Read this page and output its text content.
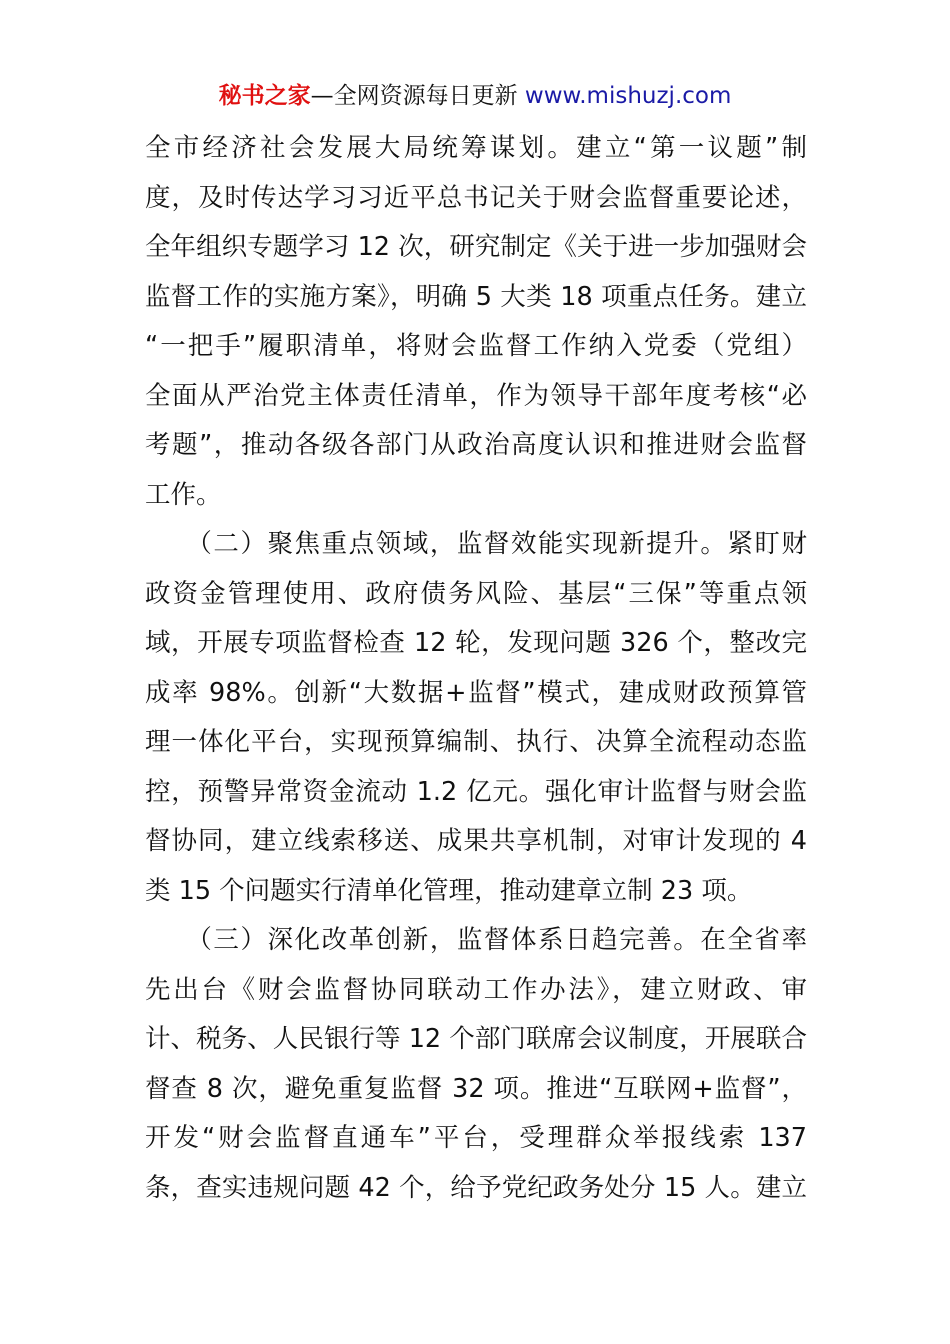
秘书之家—全网资源每日更新 www.mishuzj.com
全市经济社会发展大局统筹谋划。建立“第一议题”制
度，及时传达学习习近平总书记关于财会监督重要论述，
全年组织专题学习 12 次，研究制定《关于进一步加强财会
监督工作的实施方案》，明确 5 大类 18 项重点任务。建立
“一把手”履职清单，将财会监督工作纳入党委（党组）
全面从严治党主体责任清单，作为领导干部年度考核“必
考题”，推动各级各部门从政治高度认识和推进财会监督
工作。
　　（二）聚焦重点领域，监督效能实现新提升。紧盯财
政资金管理使用、政府债务风险、基层“三保”等重点领
域，开展专项监督检查 12 轮，发现问题 326 个，整改完
成率 98%。创新“大数据+监督”模式，建成财政预算管
理一体化平台，实现预算编制、执行、决算全流程动态监
控，预警异常资金流动 1.2 亿元。强化审计监督与财会监
督协同，建立线索移送、成果共享机制，对审计发现的 4
类 15 个问题实行清单化管理，推动建章立制 23 项。
　　（三）深化改革创新，监督体系日趋完善。在全省率
先出台《财会监督协同联动工作办法》，建立财政、审
计、税务、人民银行等 12 个部门联席会议制度，开展联合
督查 8 次，避免重复监督 32 项。推进“互联网+监督”，
开发“财会监督直通车”平台，受理群众举报线索 137
条，查实违规问题 42 个，给予党纪政务处分 15 人。建立
